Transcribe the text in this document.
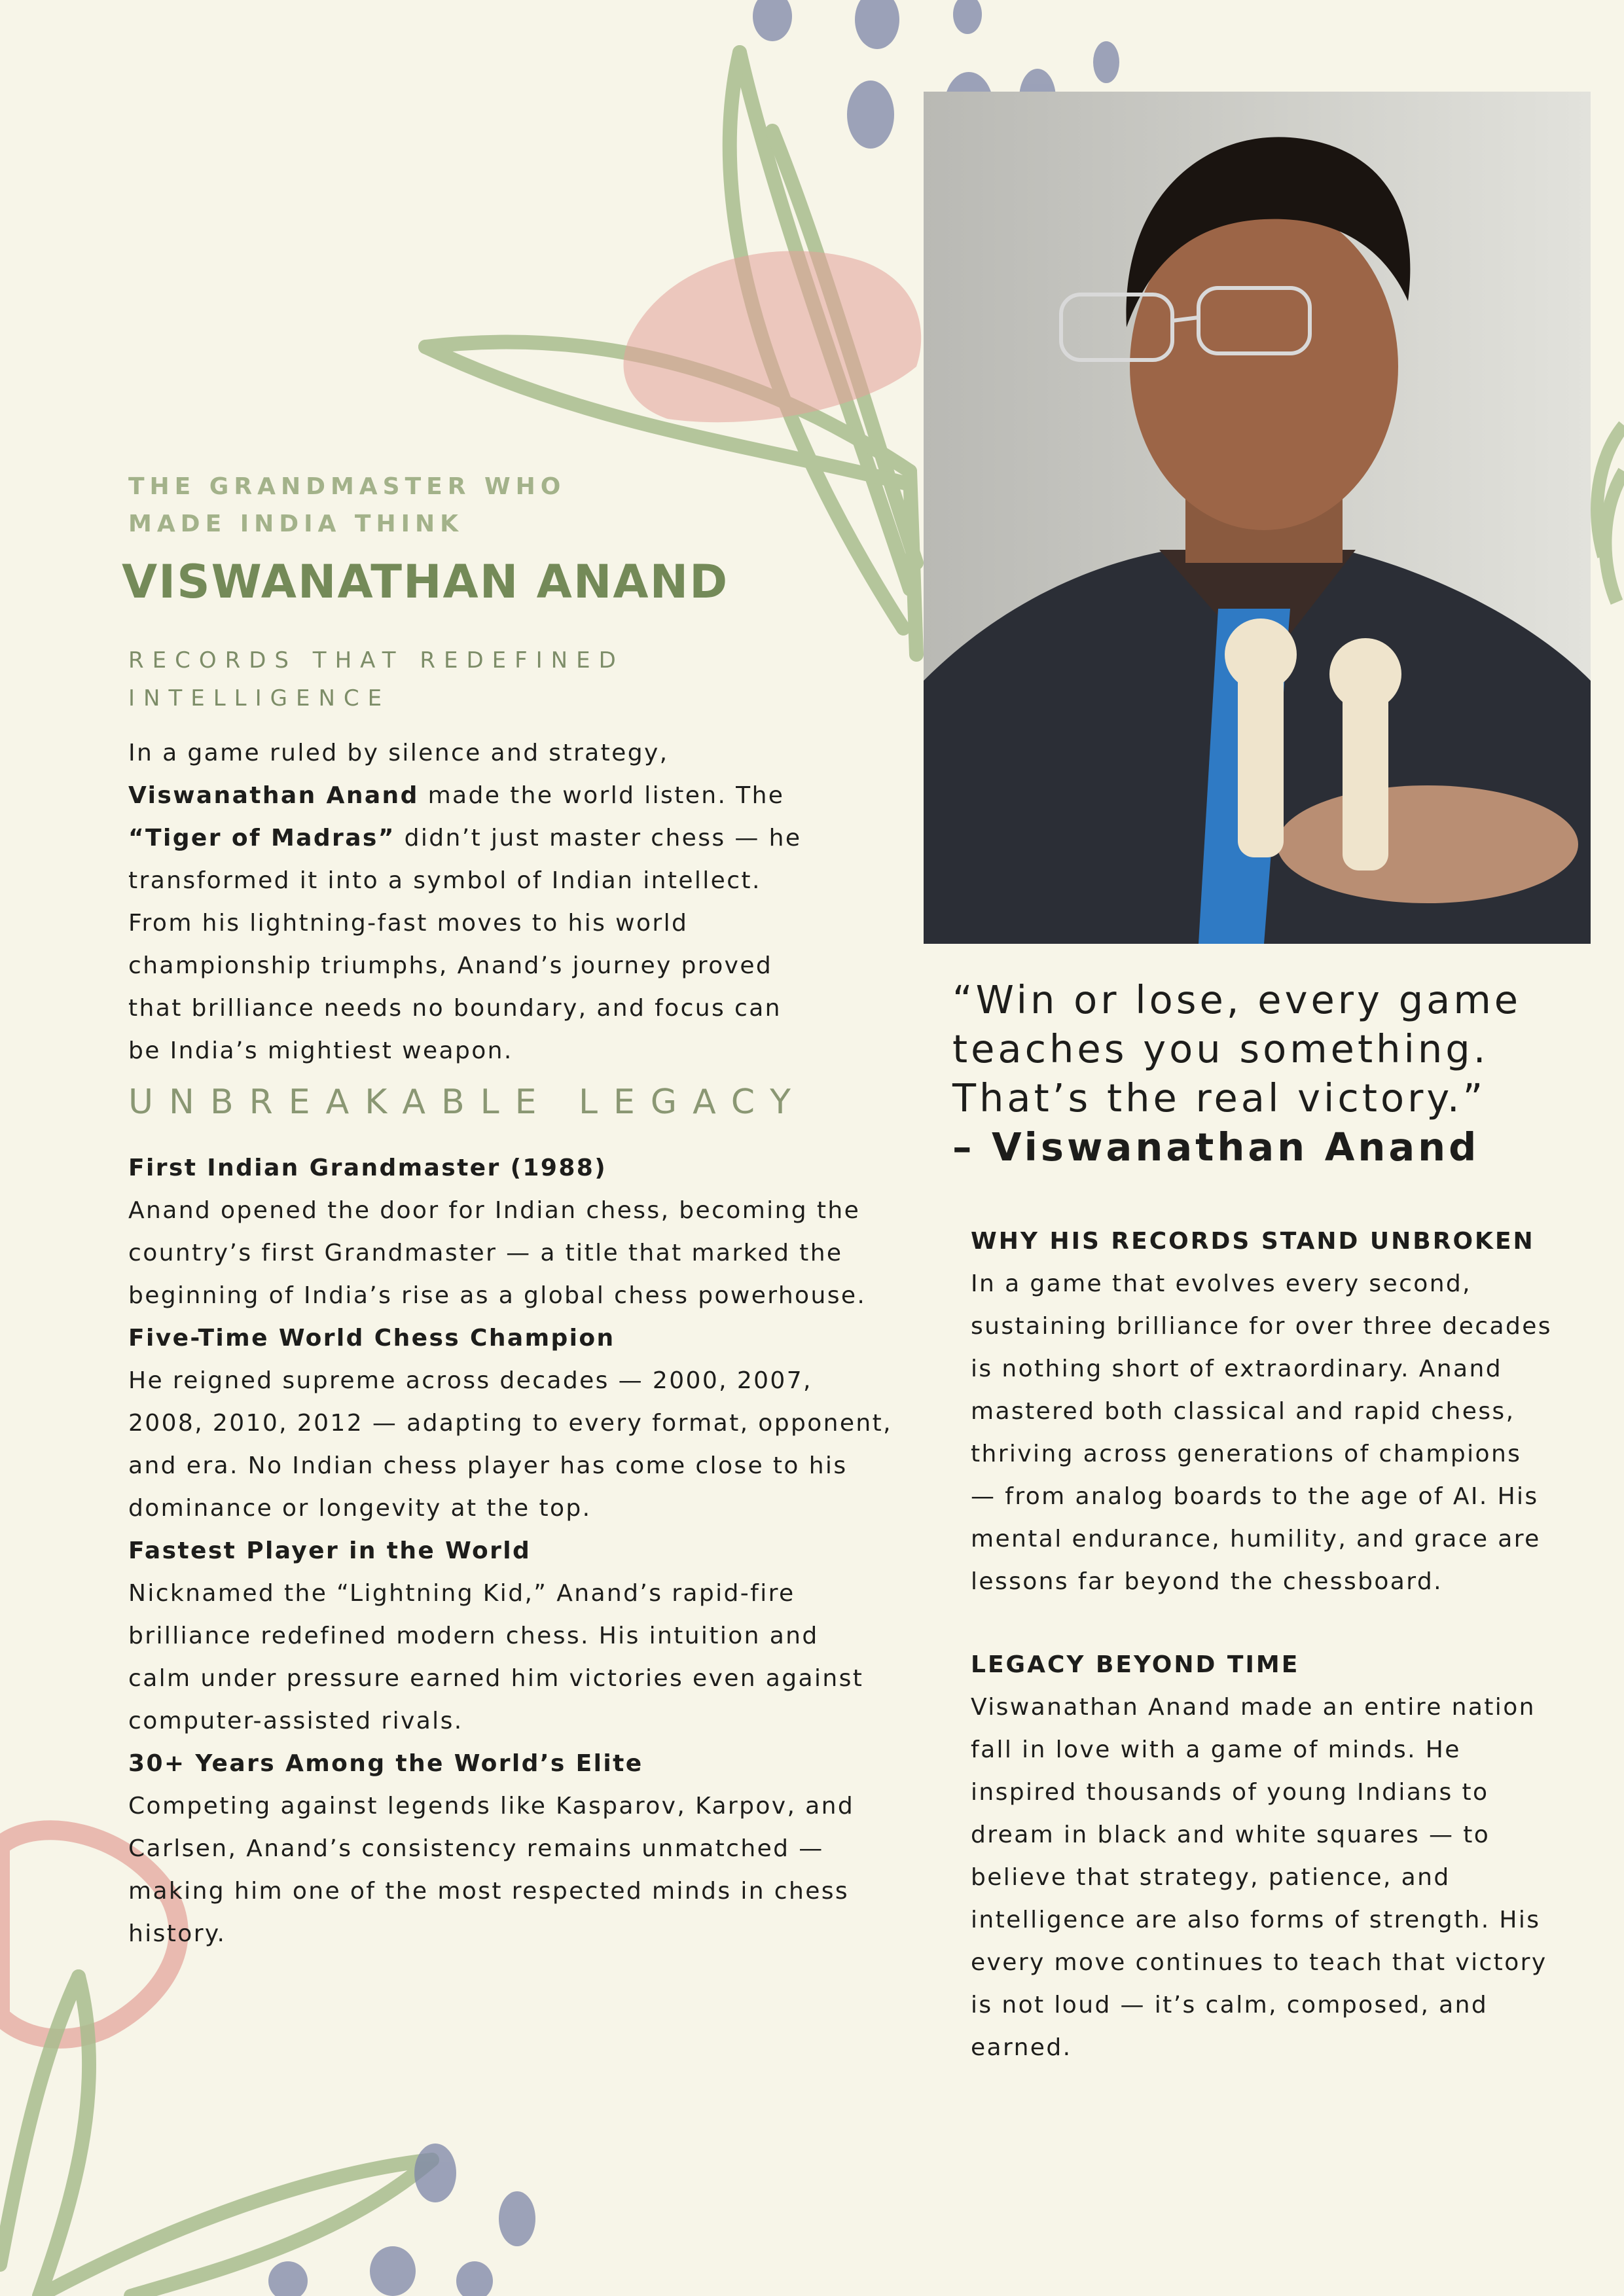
THE GRANDMASTER WHO
MADE INDIA THINK
VISWANATHAN ANAND
RECORDS THAT REDEFINED
INTELLIGENCE
In a game ruled by silence and strategy,
Viswanathan Anand made the world listen. The
“Tiger of Madras” didn’t just master chess — he
transformed it into a symbol of Indian intellect.
From his lightning-fast moves to his world
championship triumphs, Anand’s journey proved
that brilliance needs no boundary, and focus can
be India’s mightiest weapon.
UNBREAKABLE LEGACY

First Indian Grandmaster (1988)

Anand opened the door for Indian chess, becoming the

country’s first Grandmaster — a title that marked the

beginning of India’s rise as a global chess powerhouse.

Five-Time World Chess Champion

He reigned supreme across decades — 2000, 2007,

2008, 2010, 2012 — adapting to every format, opponent,

and era. No Indian chess player has come close to his

dominance or longevity at the top.

Fastest Player in the World

Nicknamed the “Lightning Kid,” Anand’s rapid-fire

brilliance redefined modern chess. His intuition and

calm under pressure earned him victories even against

computer-assisted rivals.

30+ Years Among the World’s Elite

Competing against legends like Kasparov, Karpov, and

Carlsen, Anand’s consistency remains unmatched —

making him one of the most respected minds in chess

history.

“Win or lose, every game
teaches you something.
That’s the real victory.”
– Viswanathan Anand

WHY HIS RECORDS STAND UNBROKEN

In a game that evolves every second,

sustaining brilliance for over three decades

is nothing short of extraordinary. Anand

mastered both classical and rapid chess,

thriving across generations of champions

— from analog boards to the age of AI. His

mental endurance, humility, and grace are

lessons far beyond the chessboard.

LEGACY BEYOND TIME

Viswanathan Anand made an entire nation

fall in love with a game of minds. He

inspired thousands of young Indians to

dream in black and white squares — to

believe that strategy, patience, and

intelligence are also forms of strength. His

every move continues to teach that victory

is not loud — it’s calm, composed, and

earned.
